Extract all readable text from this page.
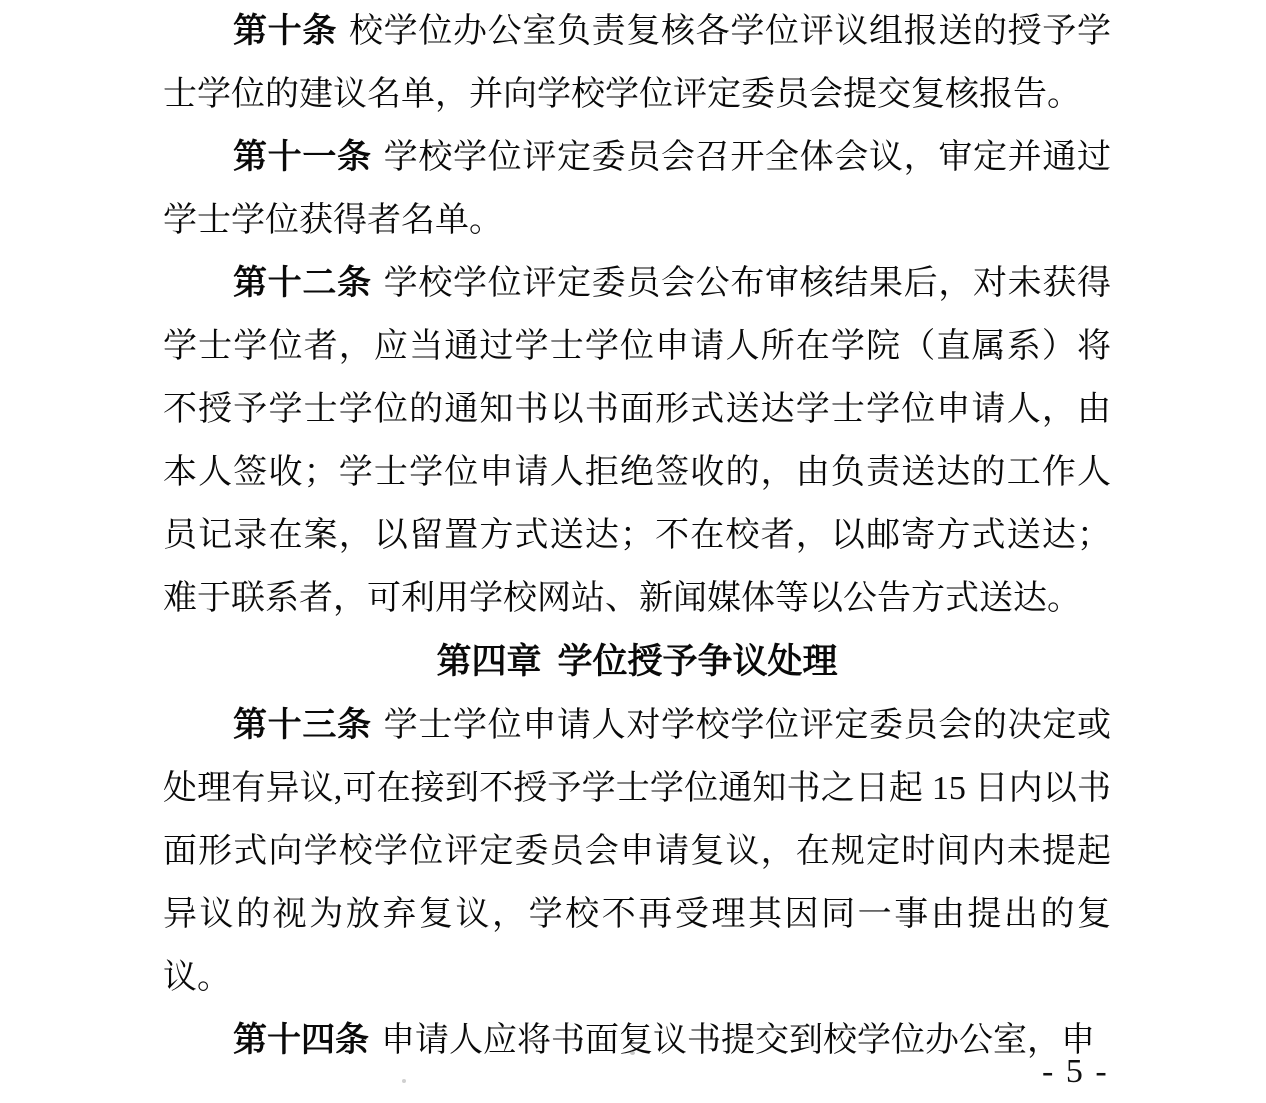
第十条 校学位办公室负责复核各学位评议组报送的授予学士学位的建议名单，并向学校学位评定委员会提交复核报告。

第十一条 学校学位评定委员会召开全体会议，审定并通过学士学位获得者名单。

第十二条 学校学位评定委员会公布审核结果后，对未获得学士学位者，应当通过学士学位申请人所在学院（直属系）将不授予学士学位的通知书以书面形式送达学士学位申请人，由本人签收；学士学位申请人拒绝签收的，由负责送达的工作人员记录在案，以留置方式送达；不在校者，以邮寄方式送达；难于联系者，可利用学校网站、新闻媒体等以公告方式送达。

第四章 学位授予争议处理

第十三条 学士学位申请人对学校学位评定委员会的决定或处理有异议,可在接到不授予学士学位通知书之日起 15 日内以书面形式向学校学位评定委员会申请复议，在规定时间内未提起异议的视为放弃复议，学校不再受理其因同一事由提出的复议。

第十四条 申请人应将书面复议书提交到校学位办公室，申

- 5 -
